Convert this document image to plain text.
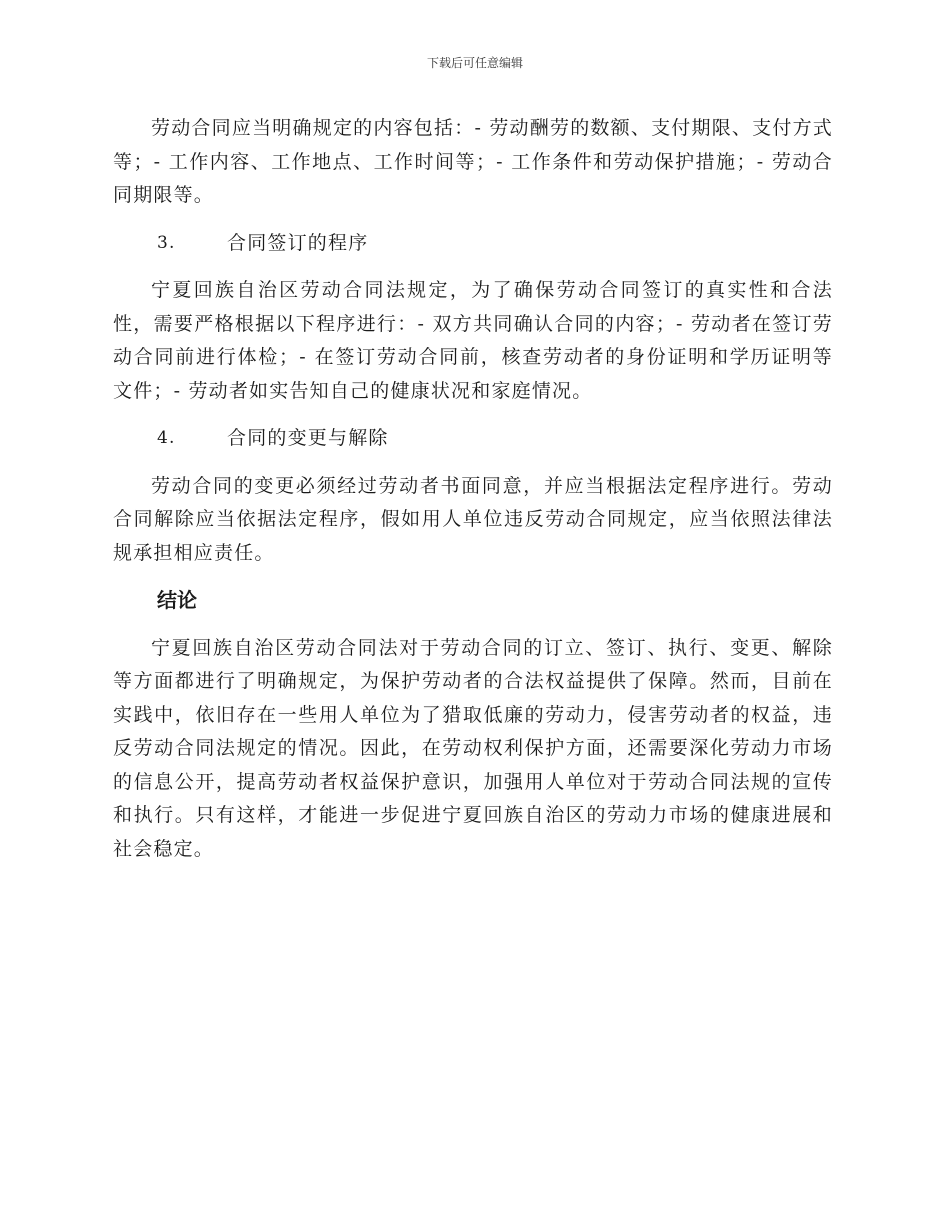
下载后可任意编辑

劳动合同应当明确规定的内容包括：- 劳动酬劳的数额、支付期限、支付方式等；- 工作内容、工作地点、工作时间等；- 工作条件和劳动保护措施；- 劳动合同期限等。

3.	合同签订的程序

宁夏回族自治区劳动合同法规定，为了确保劳动合同签订的真实性和合法性，需要严格根据以下程序进行：- 双方共同确认合同的内容；- 劳动者在签订劳动合同前进行体检；- 在签订劳动合同前，核查劳动者的身份证明和学历证明等文件；- 劳动者如实告知自己的健康状况和家庭情况。

4.	合同的变更与解除

劳动合同的变更必须经过劳动者书面同意，并应当根据法定程序进行。劳动合同解除应当依据法定程序，假如用人单位违反劳动合同规定，应当依照法律法规承担相应责任。

结论

宁夏回族自治区劳动合同法对于劳动合同的订立、签订、执行、变更、解除等方面都进行了明确规定，为保护劳动者的合法权益提供了保障。然而，目前在实践中，依旧存在一些用人单位为了猎取低廉的劳动力，侵害劳动者的权益，违反劳动合同法规定的情况。因此，在劳动权利保护方面，还需要深化劳动力市场的信息公开，提高劳动者权益保护意识，加强用人单位对于劳动合同法规的宣传和执行。只有这样，才能进一步促进宁夏回族自治区的劳动力市场的健康进展和社会稳定。
